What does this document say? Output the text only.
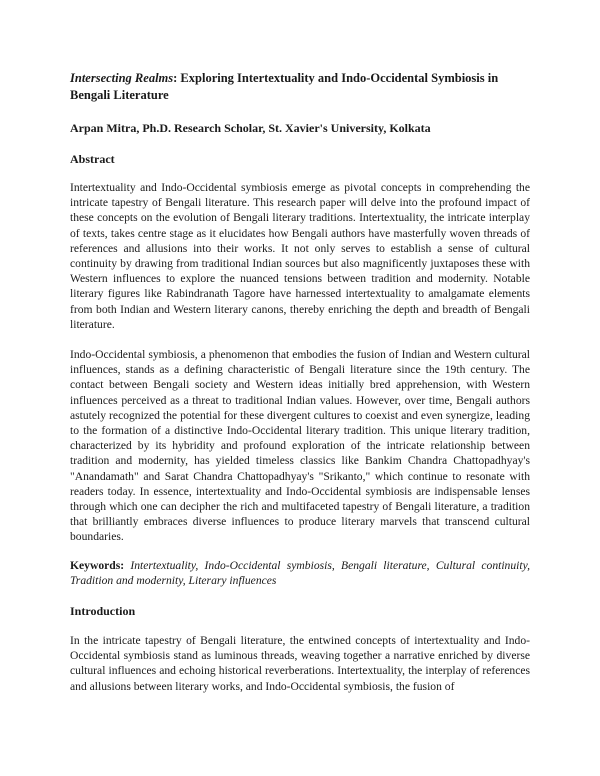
Intersecting Realms: Exploring Intertextuality and Indo-Occidental Symbiosis in Bengali Literature

Arpan Mitra, Ph.D. Research Scholar, St. Xavier's University, Kolkata

Abstract

Intertextuality and Indo-Occidental symbiosis emerge as pivotal concepts in comprehending the intricate tapestry of Bengali literature. This research paper will delve into the profound impact of these concepts on the evolution of Bengali literary traditions. Intertextuality, the intricate interplay of texts, takes centre stage as it elucidates how Bengali authors have masterfully woven threads of references and allusions into their works. It not only serves to establish a sense of cultural continuity by drawing from traditional Indian sources but also magnificently juxtaposes these with Western influences to explore the nuanced tensions between tradition and modernity. Notable literary figures like Rabindranath Tagore have harnessed intertextuality to amalgamate elements from both Indian and Western literary canons, thereby enriching the depth and breadth of Bengali literature.

Indo-Occidental symbiosis, a phenomenon that embodies the fusion of Indian and Western cultural influences, stands as a defining characteristic of Bengali literature since the 19th century. The contact between Bengali society and Western ideas initially bred apprehension, with Western influences perceived as a threat to traditional Indian values. However, over time, Bengali authors astutely recognized the potential for these divergent cultures to coexist and even synergize, leading to the formation of a distinctive Indo-Occidental literary tradition. This unique literary tradition, characterized by its hybridity and profound exploration of the intricate relationship between tradition and modernity, has yielded timeless classics like Bankim Chandra Chattopadhyay's "Anandamath" and Sarat Chandra Chattopadhyay's "Srikanto," which continue to resonate with readers today. In essence, intertextuality and Indo-Occidental symbiosis are indispensable lenses through which one can decipher the rich and multifaceted tapestry of Bengali literature, a tradition that brilliantly embraces diverse influences to produce literary marvels that transcend cultural boundaries.

Keywords: Intertextuality, Indo-Occidental symbiosis, Bengali literature, Cultural continuity, Tradition and modernity, Literary influences

Introduction

In the intricate tapestry of Bengali literature, the entwined concepts of intertextuality and Indo-Occidental symbiosis stand as luminous threads, weaving together a narrative enriched by diverse cultural influences and echoing historical reverberations. Intertextuality, the interplay of references and allusions between literary works, and Indo-Occidental symbiosis, the fusion of
